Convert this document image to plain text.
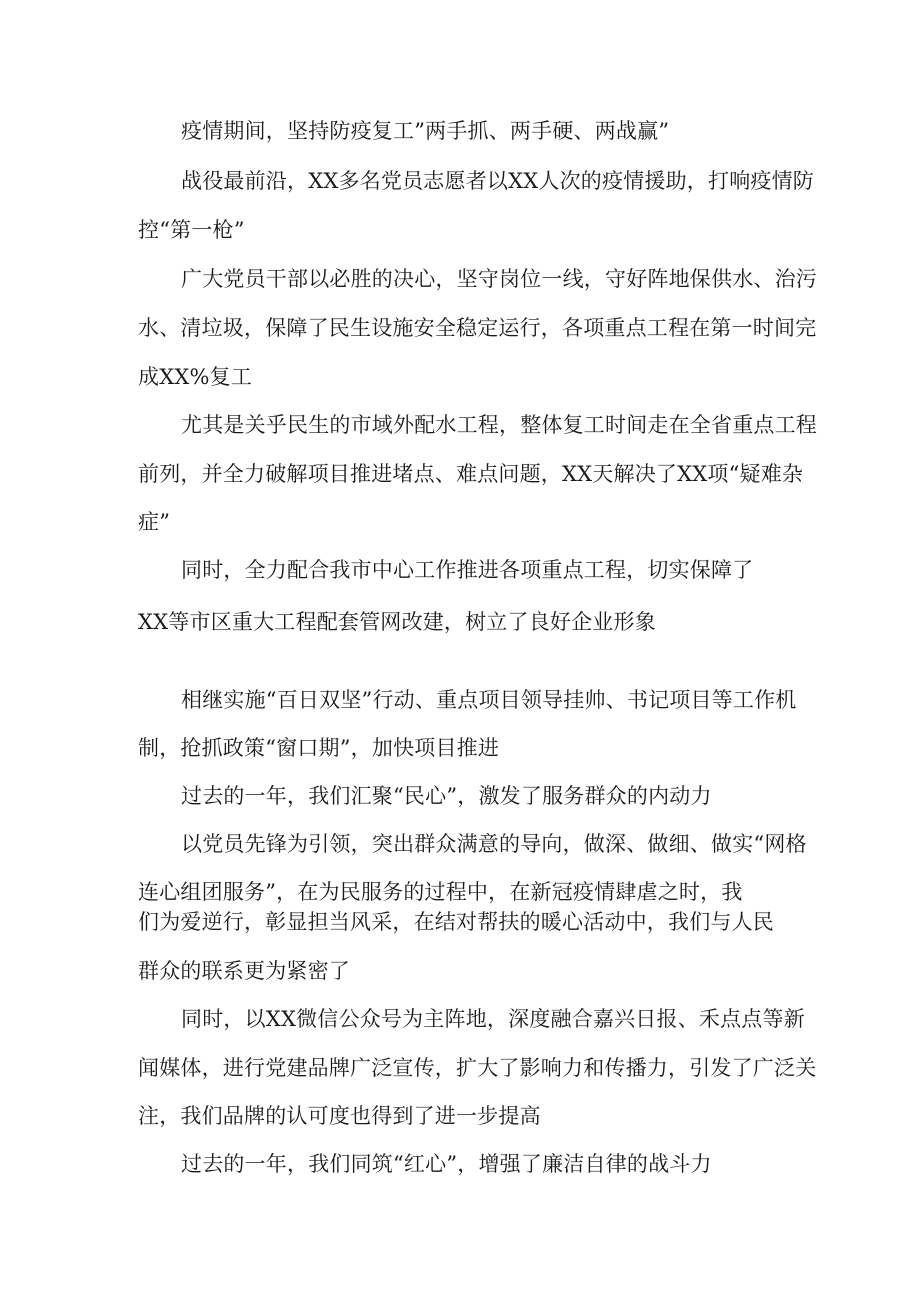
疫情期间，坚持防疫复工”两手抓、两手硬、两战赢”
战役最前沿，XX多名党员志愿者以XX人次的疫情援助，打响疫情防
控“第一枪”
广大党员干部以必胜的决心，坚守岗位一线，守好阵地保供水、治污
水、清垃圾，保障了民生设施安全稳定运行，各项重点工程在第一时间完
成XX%复工
尤其是关乎民生的市域外配水工程，整体复工时间走在全省重点工程
前列，并全力破解项目推进堵点、难点问题，XX天解决了XX项“疑难杂
症”
同时，全力配合我市中心工作推进各项重点工程，切实保障了
XX等市区重大工程配套管网改建，树立了良好企业形象
相继实施“百日双坚”行动、重点项目领导挂帅、书记项目等工作机
制，抢抓政策“窗口期”，加快项目推进
过去的一年，我们汇聚“民心”，激发了服务群众的内动力
以党员先锋为引领，突出群众满意的导向，做深、做细、做实“网格
连心组团服务”，在为民服务的过程中，在新冠疫情肆虐之时，我
们为爱逆行，彰显担当风采，在结对帮扶的暖心活动中，我们与人民
群众的联系更为紧密了
同时，以XX微信公众号为主阵地，深度融合嘉兴日报、禾点点等新
闻媒体，进行党建品牌广泛宣传，扩大了影响力和传播力，引发了广泛关
注，我们品牌的认可度也得到了进一步提高
过去的一年，我们同筑“红心”，增强了廉洁自律的战斗力
